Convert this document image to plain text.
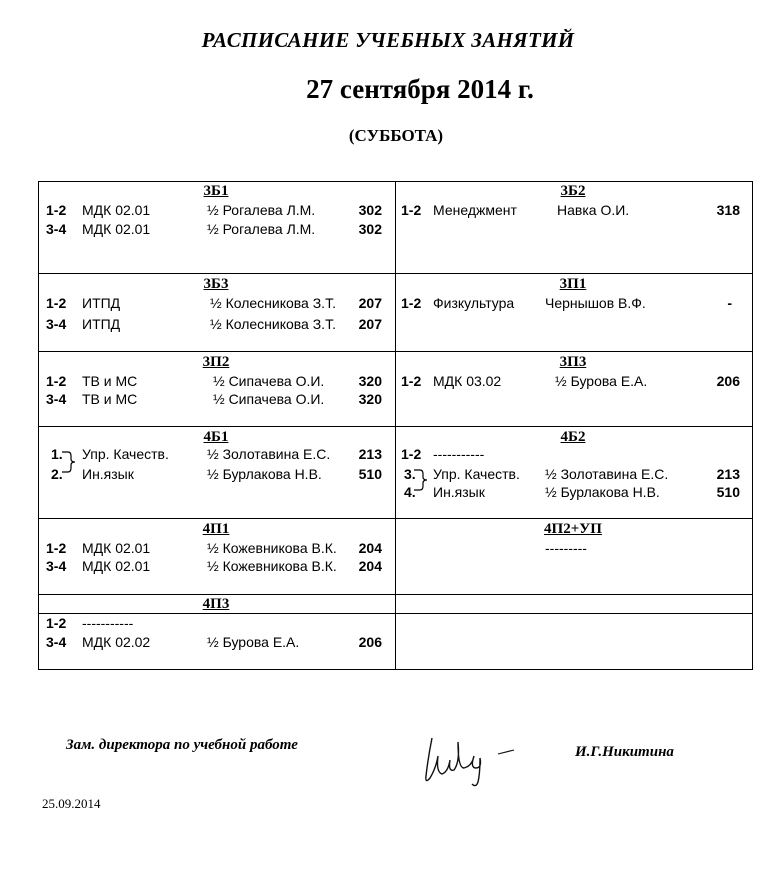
РАСПИСАНИЕ УЧЕБНЫХ ЗАНЯТИЙ
27 сентября 2014 г.
(СУББОТА)
3Б1
1-2 МДК 02.01	½ Рогалева Л.М.	302
3-4 МДК 02.01	½ Рогалева Л.М.	302
3Б2
1-2 Менеджмент	Навка О.И.	318
3Б3
1-2 ИТПД	½ Колесникова З.Т.	207
3-4 ИТПД	½ Колесникова З.Т.	207
3П1
1-2 Физкультура Чернышов В.Ф.	-
3П2
1-2 ТВ и МС	½ Сипачева О.И.	320
3-4 ТВ и МС	½ Сипачева О.И.	320
3П3
1-2 МДК 03.02	½ Бурова Е.А.	206
4Б1
1. Упр. Качеств.	½ Золотавина Е.С.	213
2. Ин.язык	½ Бурлакова Н.В.	510
4Б2
1-2 -----------
3. Упр. Качеств. ½ Золотавина Е.С.	213
4. Ин.язык	½ Бурлакова Н.В.	510
4П1
1-2 МДК 02.01	½ Кожевникова В.К.	204
3-4 МДК 02.01	½ Кожевникова В.К.	204
4П2+УП
---------
4П3
1-2 -----------
3-4 МДК 02.02	½ Бурова Е.А.	206
Зам. директора по учебной работе	И.Г.Никитина
25.09.2014
